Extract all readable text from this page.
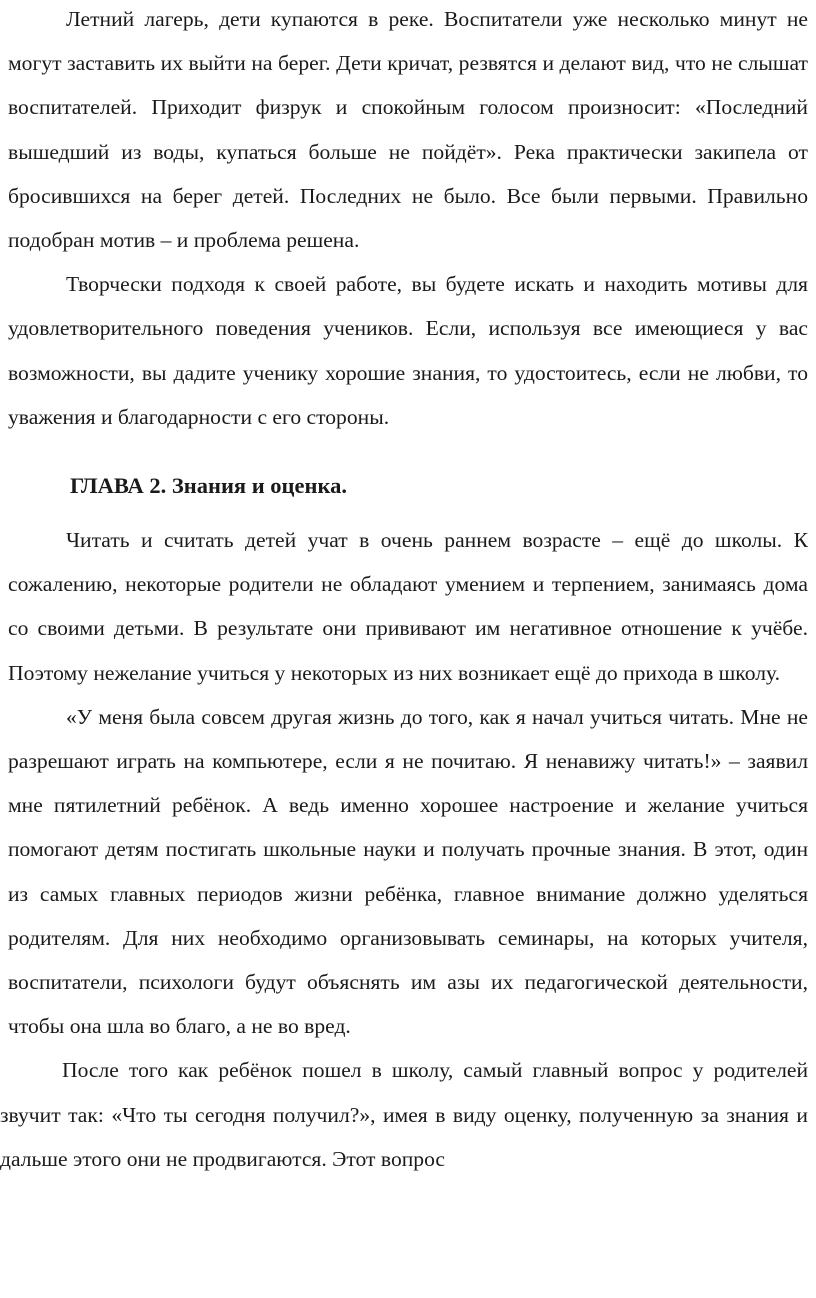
Летний лагерь, дети купаются в реке. Воспитатели уже несколько минут не могут заставить их выйти на берег. Дети кричат, резвятся и делают вид, что не слышат воспитателей. Приходит физрук и спокойным голосом произносит: «Последний вышедший из воды, купаться больше не пойдёт». Река практически закипела от бросившихся на берег детей. Последних не было. Все были первыми. Правильно подобран мотив – и проблема решена.

Творчески подходя к своей работе, вы будете искать и находить мотивы для удовлетворительного поведения учеников. Если, используя все имеющиеся у вас возможности, вы дадите ученику хорошие знания, то удостоитесь, если не любви, то уважения и благодарности с его стороны.

ГЛАВА 2. Знания и оценка.

Читать и считать детей учат в очень раннем возрасте – ещё до школы. К сожалению, некоторые родители не обладают умением и терпением, занимаясь дома со своими детьми. В результате они прививают им негативное отношение к учёбе. Поэтому нежелание учиться у некоторых из них возникает ещё до прихода в школу.

«У меня была совсем другая жизнь до того, как я начал учиться читать. Мне не разрешают играть на компьютере, если я не почитаю. Я ненавижу читать!» – заявил мне пятилетний ребёнок. А ведь именно хорошее настроение и желание учиться помогают детям постигать школьные науки и получать прочные знания. В этот, один из самых главных периодов жизни ребёнка, главное внимание должно уделяться родителям. Для них необходимо организовывать семинары, на которых учителя, воспитатели, психологи будут объяснять им азы их педагогической деятельности, чтобы она шла во благо, а не во вред.

После того как ребёнок пошел в школу, самый главный вопрос у родителей звучит так: «Что ты сегодня получил?», имея в виду оценку, полученную за знания и дальше этого они не продвигаются. Этот вопрос
